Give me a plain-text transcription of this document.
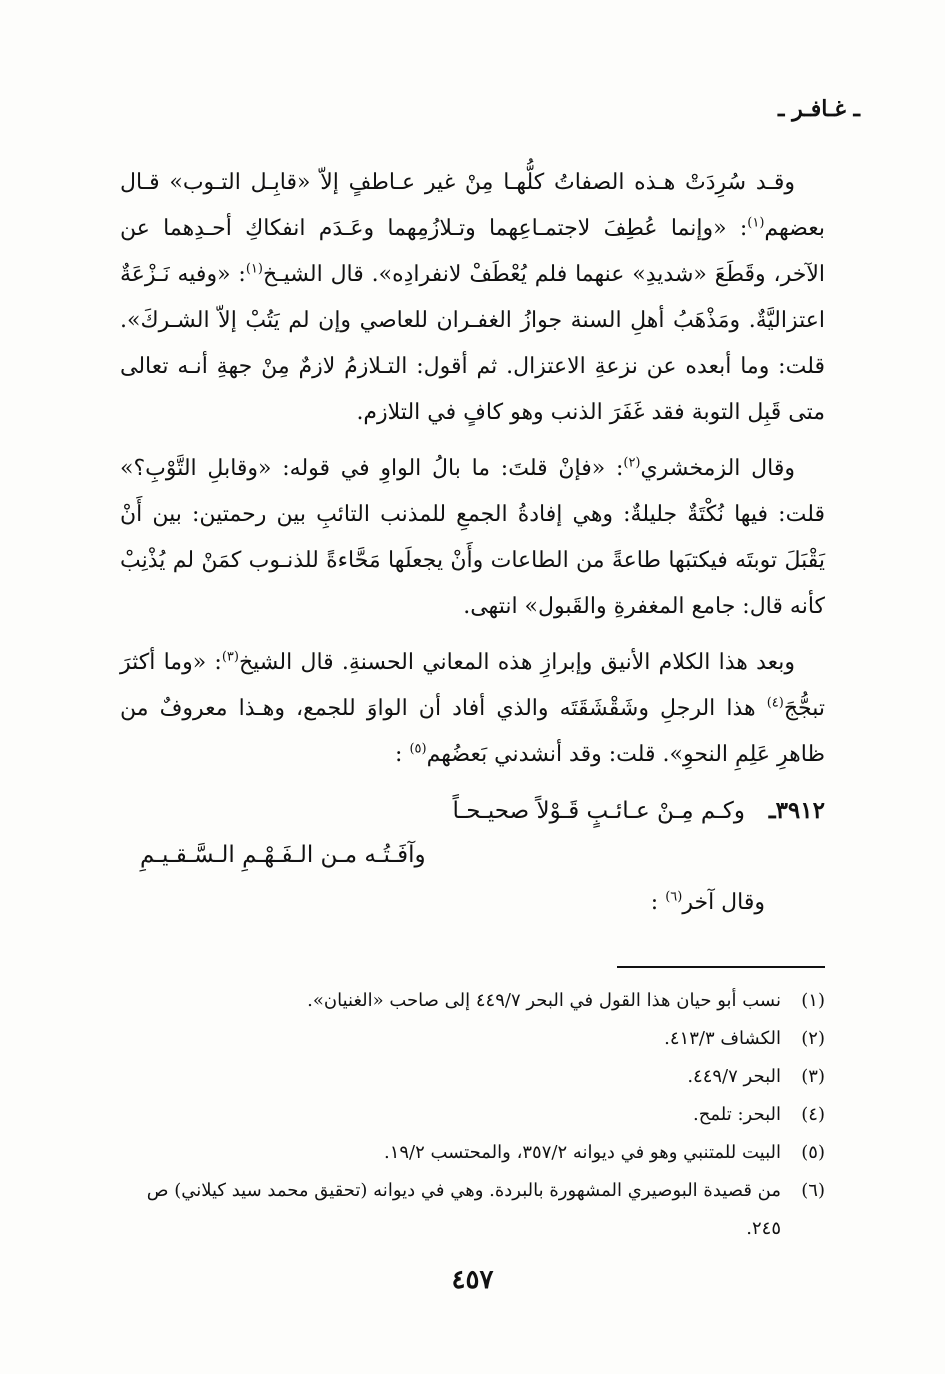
ـ غـافـر ـ

وقـد سُرِدَتْ هـذه الصفاتُ كلُّهـا مِنْ غير عـاطفٍ إلاّ «قابِـل التـوب» قـال بعضهم$^{(١)}$: «وإنما عُطِفَ لاجتمـاعِهما وتـلازُمِهما وعَـدَم انفكاكِ أحـدِهما عن الآخر، وقَطَعَ «شديدِ» عنهما فلم يُعْطَفْ لانفرادِه». قال الشيـخ$^{(١)}$: «وفيه نَـزْعَةٌ اعتزاليَّةٌ. ومَذْهَبُ أهلِ السنة جوازُ الغفـران للعاصي وإن لم يَتُبْ إلاّ الشـركَ». قلت: وما أبعده عن نزعةِ الاعتزال. ثم أقول: التـلازمُ لازمٌ مِنْ جهةِ أنـه تعالى متى قَبِل التوبة فقد غَفَرَ الذنب وهو كافٍ في التلازم.

وقال الزمخشري$^{(٢)}$: «فإنْ قلتَ: ما بالُ الواوِ في قوله: «وقابلِ التَّوْبِ؟» قلت: فيها نُكْتَةٌ جليلةٌ: وهي إفادةُ الجمعِ للمذنب التائبِ بين رحمتين: بين أَنْ يَقْبَلَ توبتَه فيكتبَها طاعةً من الطاعات وأَنْ يجعلَها مَحَّاءةً للذنـوب كمَنْ لم يُذْنِبْ كأنه قال: جامع المغفرةِ والقَبول» انتهى.

وبعد هذا الكلام الأنيق وإبرازِ هذه المعاني الحسنةِ. قال الشيخ$^{(٣)}$: «وما أكثرَ تبجُّجَ$^{(٤)}$ هذا الرجلِ وشَقْشَقَتَه والذي أفاد أن الواوَ للجمع، وهـذا معروفٌ من ظاهرِ عَلِمِ النحوِ». قلت: وقد أنشدني بَعضُهم$^{(٥)}$ :

٣٩١٢ـ
وكـم مِـنْ عـائـبٍ قَـوْلاً صحيـحـاً
وآفَـتُـه مـن الـفَـهْـمِ الـسَّـقـيـمِ
وقال آخر$^{(٦)}$ :
(١)
نسب أبو حيان هذا القول في البحر ٤٤٩/٧ إلى صاحب «الغنيان».
(٢)
الكشاف ٤١٣/٣.
(٣)
البحر ٤٤٩/٧.
(٤)
البحر: تلمح.
(٥)
البيت للمتنبي وهو في ديوانه ٣٥٧/٢، والمحتسب ١٩/٢.
(٦)
من قصيدة البوصيري المشهورة بالبردة. وهي في ديوانه (تحقيق محمد سيد كيلاني) ص ٢٤٥.
٤٥٧
